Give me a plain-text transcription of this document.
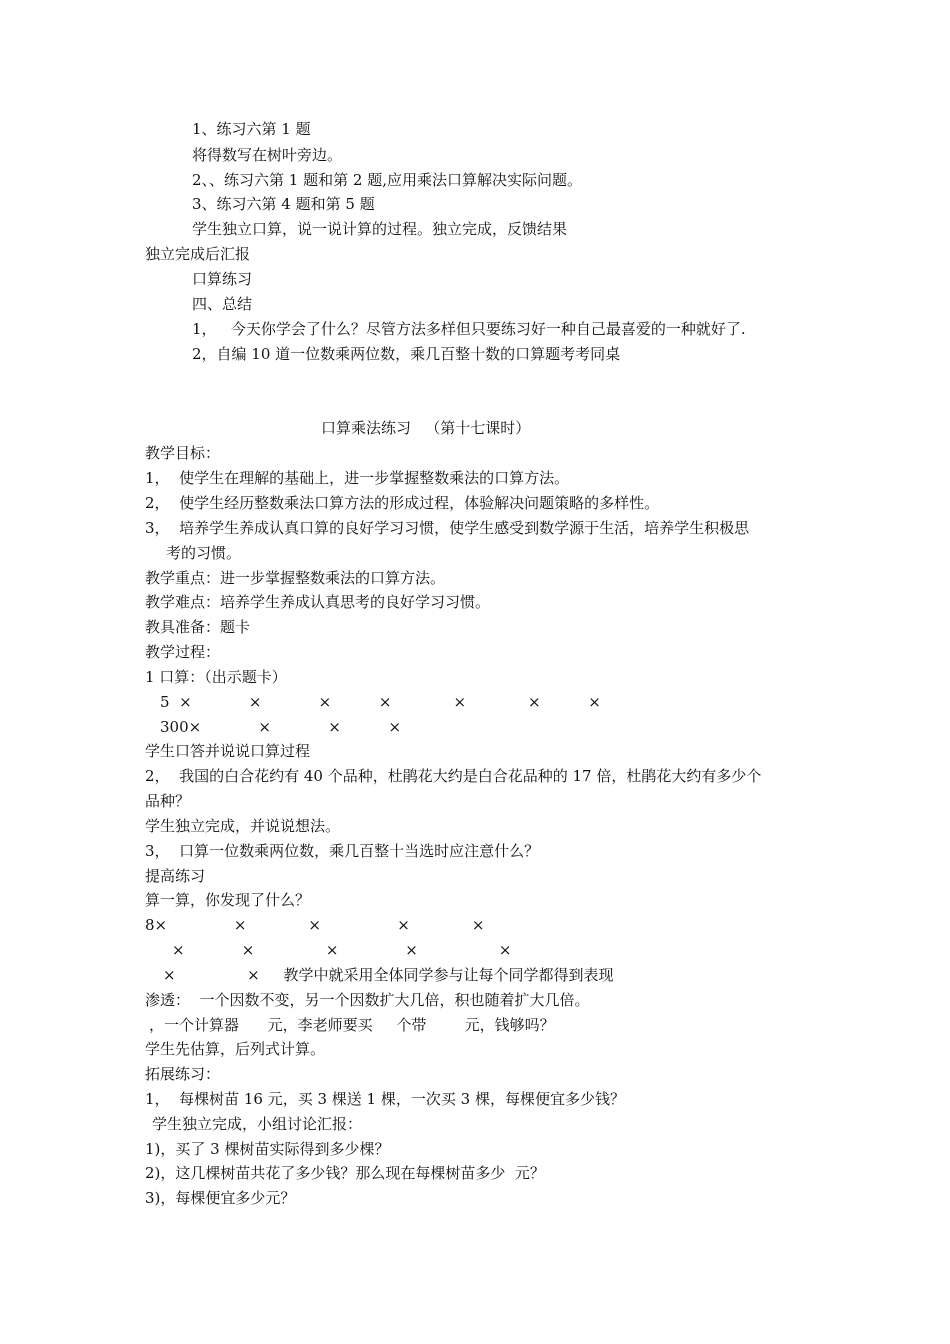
1、练习六第 1 题
将得数写在树叶旁边。
2、、练习六第 1 题和第 2 题,应用乘法口算解决实际问题。
3、练习六第 4 题和第 5 题
学生独立口算，说一说计算的过程。独立完成，反馈结果
独立完成后汇报
口算练习
四、总结
1，   今天你学会了什么？尽管方法多样但只要练习好一种自己最喜爱的一种就好了.
2，自编 10 道一位数乘两位数，乘几百整十数的口算题考考同桌
口算乘法练习   （第十七课时）
教学目标：
1，  使学生在理解的基础上，进一步掌握整数乘法的口算方法。
2，  使学生经历整数乘法口算方法的形成过程，体验解决问题策略的多样性。
3，  培养学生养成认真口算的良好学习习惯，使学生感受到数学源于生活，培养学生积极思
考的习惯。
教学重点：进一步掌握整数乘法的口算方法。
教学难点：培养学生养成认真思考的良好学习习惯。
教具准备：题卡
教学过程：
1 口算：（出示题卡）
5  ×            ×            ×          ×             ×             ×          ×
300×            ×            ×          ×
学生口答并说说口算过程
2，  我国的白合花约有 40 个品种，杜鹃花大约是白合花品种的 17 倍，杜鹃花大约有多少个
品种？
学生独立完成，并说说想法。
3，  口算一位数乘两位数，乘几百整十当选时应注意什么？
提高练习
算一算，你发现了什么？
8×              ×             ×                ×             ×
×            ×               ×              ×                 ×
×               ×     教学中就采用全体同学参与让每个同学都得到表现
渗透：  一个因数不变，另一个因数扩大几倍，积也随着扩大几倍。
，一个计算器      元，李老师要买     个带        元，钱够吗？
学生先估算，后列式计算。
拓展练习：
1，  每棵树苗 16 元，买 3 棵送 1 棵，一次买 3 棵，每棵便宜多少钱？
学生独立完成，小组讨论汇报：
1)，买了 3 棵树苗实际得到多少棵？
2)，这几棵树苗共花了多少钱？那么现在每棵树苗多少  元？
3)，每棵便宜多少元？
